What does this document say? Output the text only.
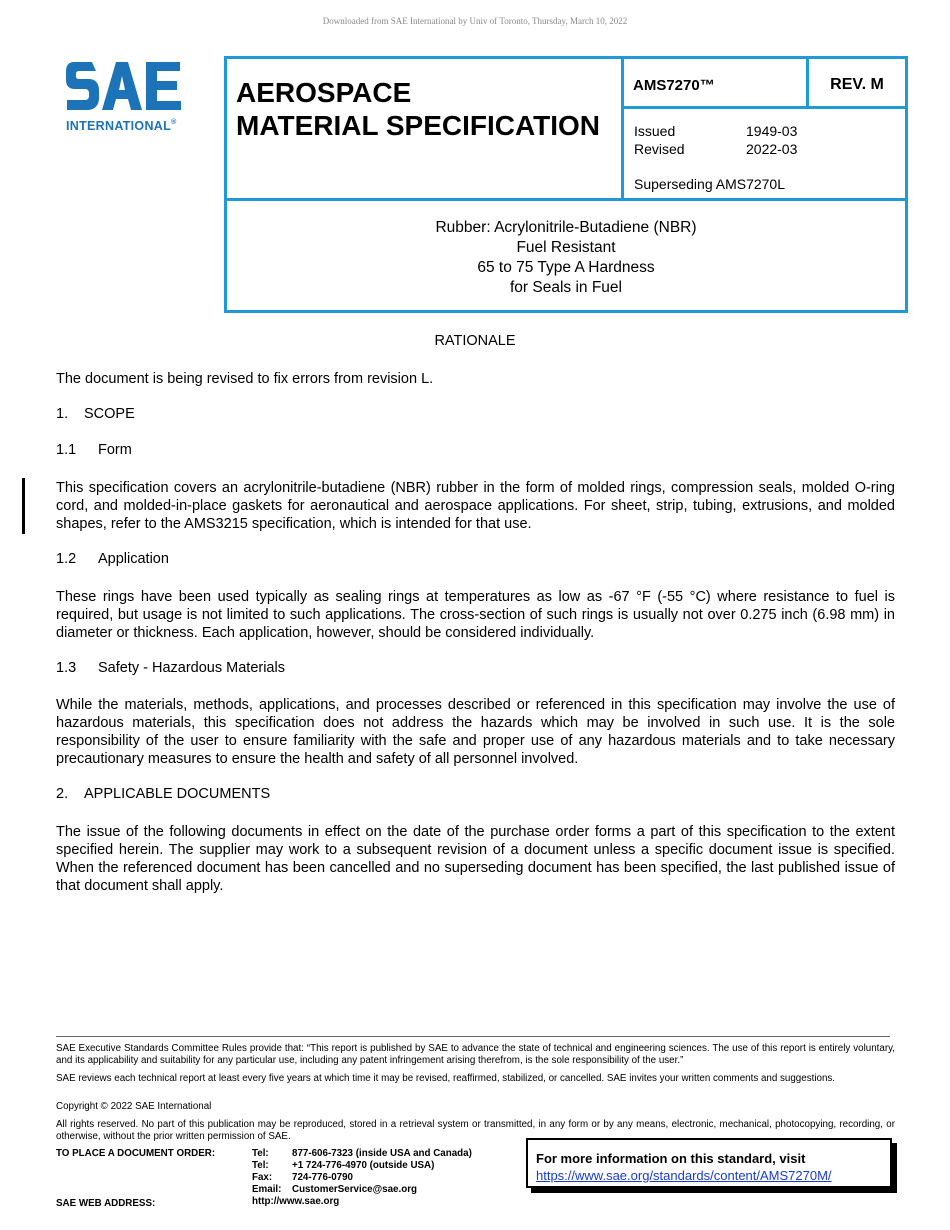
Downloaded from SAE International by Univ of Toronto, Thursday, March 10, 2022
INTERNATIONAL®
AEROSPACE
MATERIAL SPECIFICATION
AMS7270™	REV. M
Issued	1949-03
Revised	2022-03
Superseding AMS7270L
Rubber: Acrylonitrile-Butadiene (NBR)
Fuel Resistant
65 to 75 Type A Hardness
for Seals in Fuel
RATIONALE
The document is being revised to fix errors from revision L.
1. SCOPE
1.1 Form
This specification covers an acrylonitrile-butadiene (NBR) rubber in the form of molded rings, compression seals, molded O-ring cord, and molded-in-place gaskets for aeronautical and aerospace applications. For sheet, strip, tubing, extrusions, and molded shapes, refer to the AMS3215 specification, which is intended for that use.
1.2 Application
These rings have been used typically as sealing rings at temperatures as low as -67 °F (-55 °C) where resistance to fuel is required, but usage is not limited to such applications. The cross-section of such rings is usually not over 0.275 inch (6.98 mm) in diameter or thickness. Each application, however, should be considered individually.
1.3 Safety - Hazardous Materials
While the materials, methods, applications, and processes described or referenced in this specification may involve the use of hazardous materials, this specification does not address the hazards which may be involved in such use. It is the sole responsibility of the user to ensure familiarity with the safe and proper use of any hazardous materials and to take necessary precautionary measures to ensure the health and safety of all personnel involved.
2. APPLICABLE DOCUMENTS
The issue of the following documents in effect on the date of the purchase order forms a part of this specification to the extent specified herein. The supplier may work to a subsequent revision of a document unless a specific document issue is specified. When the referenced document has been cancelled and no superseding document has been specified, the last published issue of that document shall apply.
SAE Executive Standards Committee Rules provide that: “This report is published by SAE to advance the state of technical and engineering sciences. The use of this report is entirely voluntary, and its applicability and suitability for any particular use, including any patent infringement arising therefrom, is the sole responsibility of the user.”
SAE reviews each technical report at least every five years at which time it may be revised, reaffirmed, stabilized, or cancelled. SAE invites your written comments and suggestions.
Copyright © 2022 SAE International
All rights reserved. No part of this publication may be reproduced, stored in a retrieval system or transmitted, in any form or by any means, electronic, mechanical, photocopying, recording, or otherwise, without the prior written permission of SAE.
TO PLACE A DOCUMENT ORDER:
SAE WEB ADDRESS:
Tel: 877-606-7323 (inside USA and Canada)
Tel: +1 724-776-4970 (outside USA)
Fax: 724-776-0790
Email: CustomerService@sae.org
http://www.sae.org
For more information on this standard, visit
https://www.sae.org/standards/content/AMS7270M/
